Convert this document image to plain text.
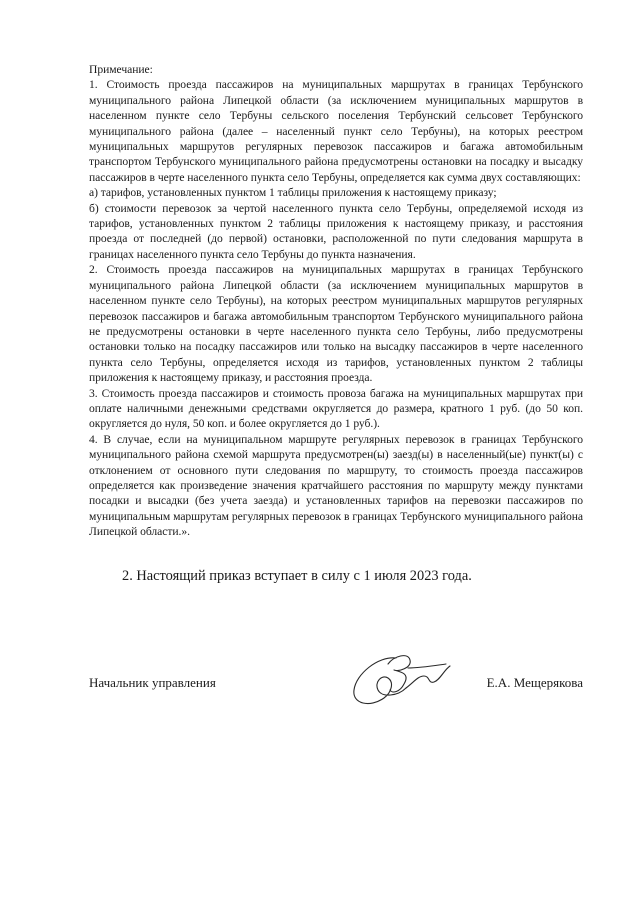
Примечание:

1. Стоимость проезда пассажиров на муниципальных маршрутах в границах Тербунского муниципального района Липецкой области (за исключением муниципальных маршрутов в населенном пункте село Тербуны сельского поселения Тербунский сельсовет Тербунского муниципального района (далее – населенный пункт село Тербуны), на которых реестром муниципальных маршрутов регулярных перевозок пассажиров и багажа автомобильным транспортом Тербунского муниципального района предусмотрены остановки на посадку и высадку пассажиров в черте населенного пункта село Тербуны, определяется как сумма двух составляющих:

а) тарифов, установленных пунктом 1 таблицы приложения к настоящему приказу;

б) стоимости перевозок за чертой населенного пункта село Тербуны, определяемой исходя из тарифов, установленных пунктом 2 таблицы приложения к настоящему приказу, и расстояния проезда от последней (до первой) остановки, расположенной по пути следования маршрута в границах населенного пункта село Тербуны до пункта назначения.

2. Стоимость проезда пассажиров на муниципальных маршрутах в границах Тербунского муниципального района Липецкой области (за исключением муниципальных маршрутов в населенном пункте село Тербуны), на которых реестром муниципальных маршрутов регулярных перевозок пассажиров и багажа автомобильным транспортом Тербунского муниципального района не предусмотрены остановки в черте населенного пункта село Тербуны, либо предусмотрены остановки только на посадку пассажиров или только на высадку пассажиров в черте населенного пункта село Тербуны, определяется исходя из тарифов, установленных пунктом 2 таблицы приложения к настоящему приказу, и расстояния проезда.

3. Стоимость проезда пассажиров и стоимость провоза багажа на муниципальных маршрутах при оплате наличными денежными средствами округляется до размера, кратного 1 руб. (до 50 коп. округляется до нуля, 50 коп. и более округляется до 1 руб.).

4. В случае, если на муниципальном маршруте регулярных перевозок в границах Тербунского муниципального района схемой маршрута предусмотрен(ы) заезд(ы) в населенный(ые) пункт(ы) с отклонением от основного пути следования по маршруту, то стоимость проезда пассажиров определяется как произведение значения кратчайшего расстояния по маршруту между пунктами посадки и высадки (без учета заезда) и установленных тарифов на перевозки пассажиров по муниципальным маршрутам регулярных перевозок в границах Тербунского муниципального района Липецкой области.».

2. Настоящий приказ вступает в силу с 1 июля 2023 года.
Начальник управления	Е.А. Мещерякова
